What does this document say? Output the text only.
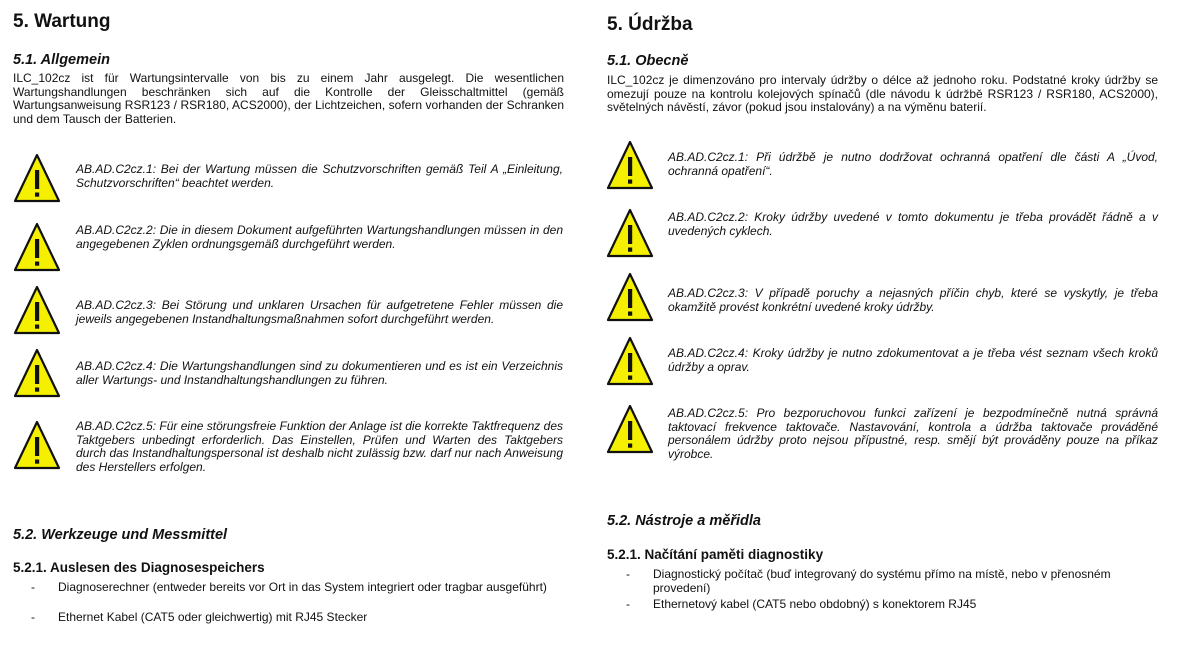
5. Wartung
5.1. Allgemein
ILC_102cz ist für Wartungsintervalle von bis zu einem Jahr ausgelegt. Die wesentlichen Wartungshandlungen beschränken sich auf die Kontrolle der Gleisschaltmittel (gemäß Wartungsanweisung RSR123 / RSR180, ACS2000), der Lichtzeichen, sofern vorhanden der Schranken und dem Tausch der Batterien.
AB.AD.C2cz.1: Bei der Wartung müssen die Schutzvorschriften gemäß Teil A „Einleitung, Schutzvorschriften“ beachtet werden.
AB.AD.C2cz.2: Die in diesem Dokument aufgeführten Wartungshandlungen müssen in den angegebenen Zyklen ordnungsgemäß durchgeführt werden.
AB.AD.C2cz.3: Bei Störung und unklaren Ursachen für aufgetretene Fehler müssen die jeweils angegebenen Instandhaltungsmaßnahmen sofort durchgeführt werden.
AB.AD.C2cz.4: Die Wartungshandlungen sind zu dokumentieren und es ist ein Verzeichnis aller Wartungs- und Instandhaltungshandlungen zu führen.
AB.AD.C2cz.5: Für eine störungsfreie Funktion der Anlage ist die korrekte Taktfrequenz des Taktgebers unbedingt erforderlich. Das Einstellen, Prüfen und Warten des Taktgebers durch das Instandhaltungspersonal ist deshalb nicht zulässig bzw. darf nur nach Anweisung des Herstellers erfolgen.
5.2. Werkzeuge und Messmittel
5.2.1. Auslesen des Diagnosespeichers
- Diagnoserechner (entweder bereits vor Ort in das System integriert oder tragbar ausgeführt)
- Ethernet Kabel (CAT5 oder gleichwertig) mit RJ45 Stecker
5. Údržba
5.1. Obecně
ILC_102cz je dimenzováno pro intervaly údržby o délce až jednoho roku. Podstatné kroky údržby se omezují pouze na kontrolu kolejových spínačů (dle návodu k údržbě RSR123 / RSR180, ACS2000), světelných návěstí, závor (pokud jsou instalovány) a na výměnu baterií.
AB.AD.C2cz.1: Při údržbě je nutno dodržovat ochranná opatření dle části A „Úvod, ochranná opatření“.
AB.AD.C2cz.2: Kroky údržby uvedené v tomto dokumentu je třeba provádět řádně a v uvedených cyklech.
AB.AD.C2cz.3: V případě poruchy a nejasných příčin chyb, které se vyskytly, je třeba okamžitě provést konkrétní uvedené kroky údržby.
AB.AD.C2cz.4: Kroky údržby je nutno zdokumentovat a je třeba vést seznam všech kroků údržby a oprav.
AB.AD.C2cz.5: Pro bezporuchovou funkci zařízení je bezpodmínečně nutná správná taktovací frekvence taktovače. Nastavování, kontrola a údržba taktovače prováděné personálem údržby proto nejsou přípustné, resp. smějí být prováděny pouze na příkaz výrobce.
5.2. Nástroje a měřidla
5.2.1. Načítání paměti diagnostiky
- Diagnostický počítač (buď integrovaný do systému přímo na místě, nebo v přenosném provedení)
- Ethernetový kabel (CAT5 nebo obdobný) s konektorem RJ45
